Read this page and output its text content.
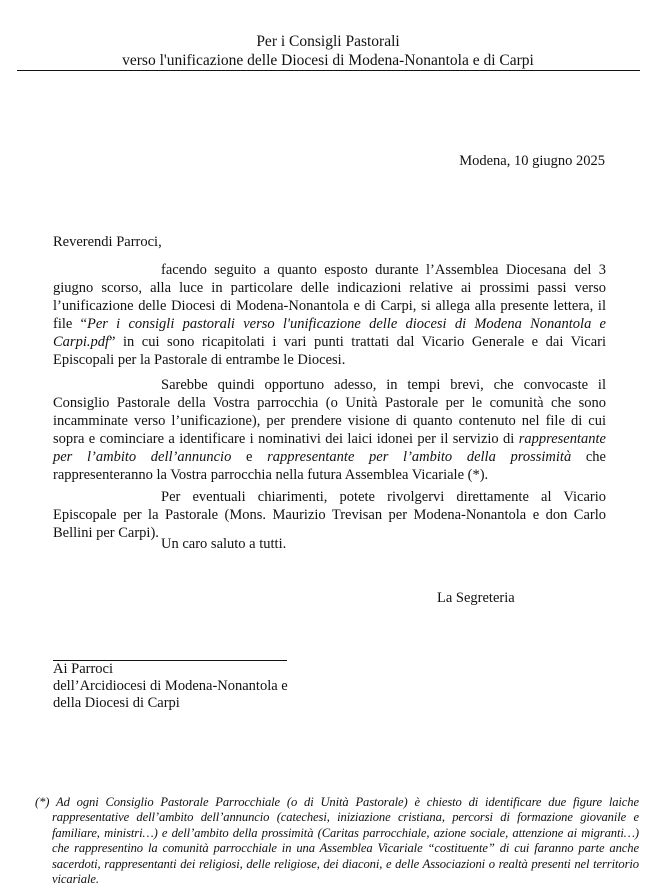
Per i Consigli Pastorali
verso l'unificazione delle Diocesi di Modena-Nonantola e di Carpi
Modena, 10 giugno 2025
Reverendi Parroci,

facendo seguito a quanto esposto durante l’Assemblea Diocesana del 3 giugno scorso, alla luce in particolare delle indicazioni relative ai prossimi passi verso l’unificazione delle Diocesi di Modena-Nonantola e di Carpi, si allega alla presente lettera, il file “Per i consigli pastorali verso l'unificazione delle diocesi di Modena Nonantola e Carpi.pdf” in cui sono ricapitolati i vari punti trattati dal Vicario Generale e dai Vicari Episcopali per la Pastorale di entrambe le Diocesi.

Sarebbe quindi opportuno adesso, in tempi brevi, che convocaste il Consiglio Pastorale della Vostra parrocchia (o Unità Pastorale per le comunità che sono incamminate verso l’unificazione), per prendere visione di quanto contenuto nel file di cui sopra e cominciare a identificare i nominativi dei laici idonei per il servizio di rappresentante per l’ambito dell’annuncio e rappresentante per l’ambito della prossimità che rappresenteranno la Vostra parrocchia nella futura Assemblea Vicariale (*).

Per eventuali chiarimenti, potete rivolgervi direttamente al Vicario Episcopale per la Pastorale (Mons. Maurizio Trevisan per Modena-Nonantola e don Carlo Bellini per Carpi).

Un caro saluto a tutti.

La Segreteria
Ai Parroci
dell’Arcidiocesi di Modena-Nonantola e
della Diocesi di Carpi
(*) Ad ogni Consiglio Pastorale Parrocchiale (o di Unità Pastorale) è chiesto di identificare due figure laiche rappresentative dell’ambito dell’annuncio (catechesi, iniziazione cristiana, percorsi di formazione giovanile e familiare, ministri…) e dell’ambito della prossimità (Caritas parrocchiale, azione sociale, attenzione ai migranti…) che rappresentino la comunità parrocchiale in una Assemblea Vicariale “costituente” di cui faranno parte anche sacerdoti, rappresentanti dei religiosi, delle religiose, dei diaconi, e delle Associazioni o realtà presenti nel territorio vicariale.
